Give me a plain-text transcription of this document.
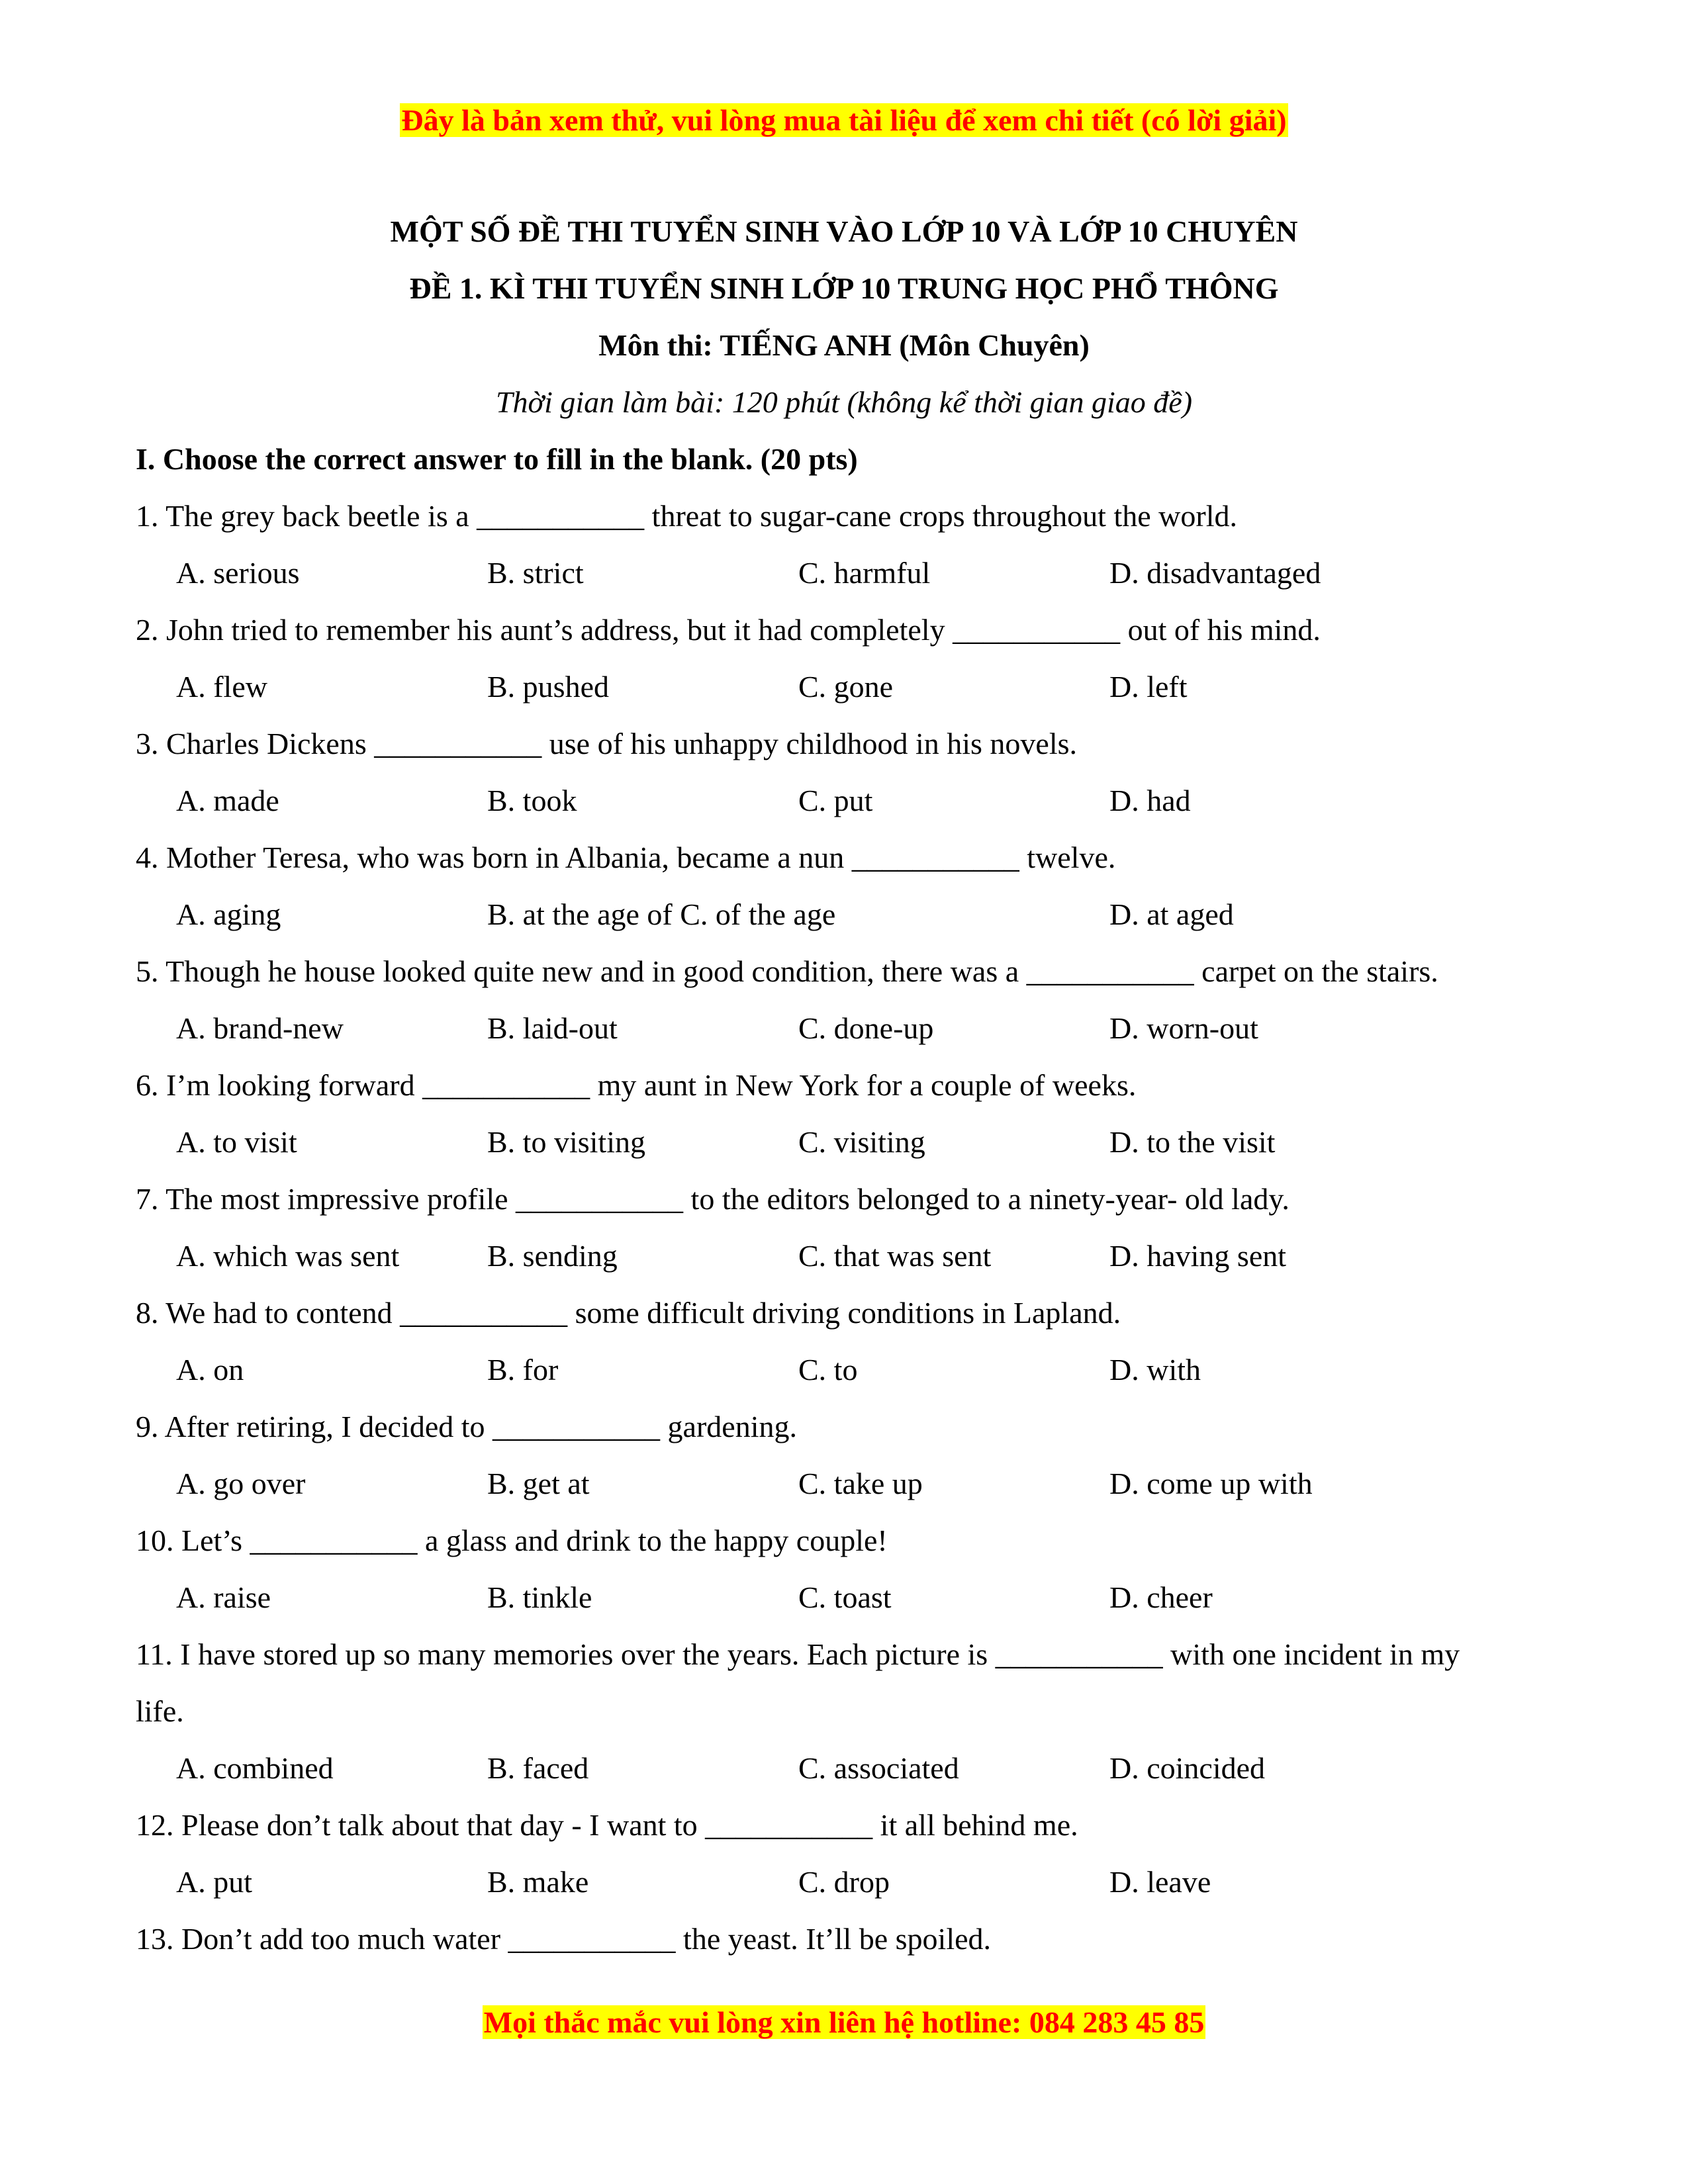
Đây là bản xem thử, vui lòng mua tài liệu để xem chi tiết (có lời giải)
MỘT SỐ ĐỀ THI TUYỂN SINH VÀO LỚP 10 VÀ LỚP 10 CHUYÊN
ĐỀ 1. KÌ THI TUYỂN SINH LỚP 10 TRUNG HỌC PHỔ THÔNG
Môn thi: TIẾNG ANH (Môn Chuyên)
Thời gian làm bài: 120 phút (không kể thời gian giao đề)
I. Choose the correct answer to fill in the blank. (20 pts)
1. The grey back beetle is a ___________ threat to sugar-cane crops throughout the world.
A. serious	B. strict	C. harmful	D. disadvantaged
2. John tried to remember his aunt’s address, but it had completely ___________ out of his mind.
A. flew	B. pushed	C. gone	D. left
3. Charles Dickens ___________ use of his unhappy childhood in his novels.
A. made	B. took	C. put	D. had
4. Mother Teresa, who was born in Albania, became a nun ___________ twelve.
A. aging	B. at the age of C. of the age	D. at aged
5. Though he house looked quite new and in good condition, there was a ___________ carpet on the stairs.
A. brand-new	B. laid-out	C. done-up	D. worn-out
6. I’m looking forward ___________ my aunt in New York for a couple of weeks.
A. to visit	B. to visiting	C. visiting	D. to the visit
7. The most impressive profile ___________ to the editors belonged to a ninety-year- old lady.
A. which was sent	B. sending	C. that was sent	D. having sent
8. We had to contend ___________ some difficult driving conditions in Lapland.
A. on	B. for	C. to	D. with
9. After retiring, I decided to ___________ gardening.
A. go over	B. get at	C. take up	D. come up with
10. Let’s ___________ a glass and drink to the happy couple!
A. raise	B. tinkle	C. toast	D. cheer
11. I have stored up so many memories over the years. Each picture is ___________ with one incident in my
life.
A. combined	B. faced	C. associated	D. coincided
12. Please don’t talk about that day - I want to ___________ it all behind me.
A. put	B. make	C. drop	D. leave
13. Don’t add too much water ___________ the yeast. It’ll be spoiled.
Mọi thắc mắc vui lòng xin liên hệ hotline: 084 283 45 85
